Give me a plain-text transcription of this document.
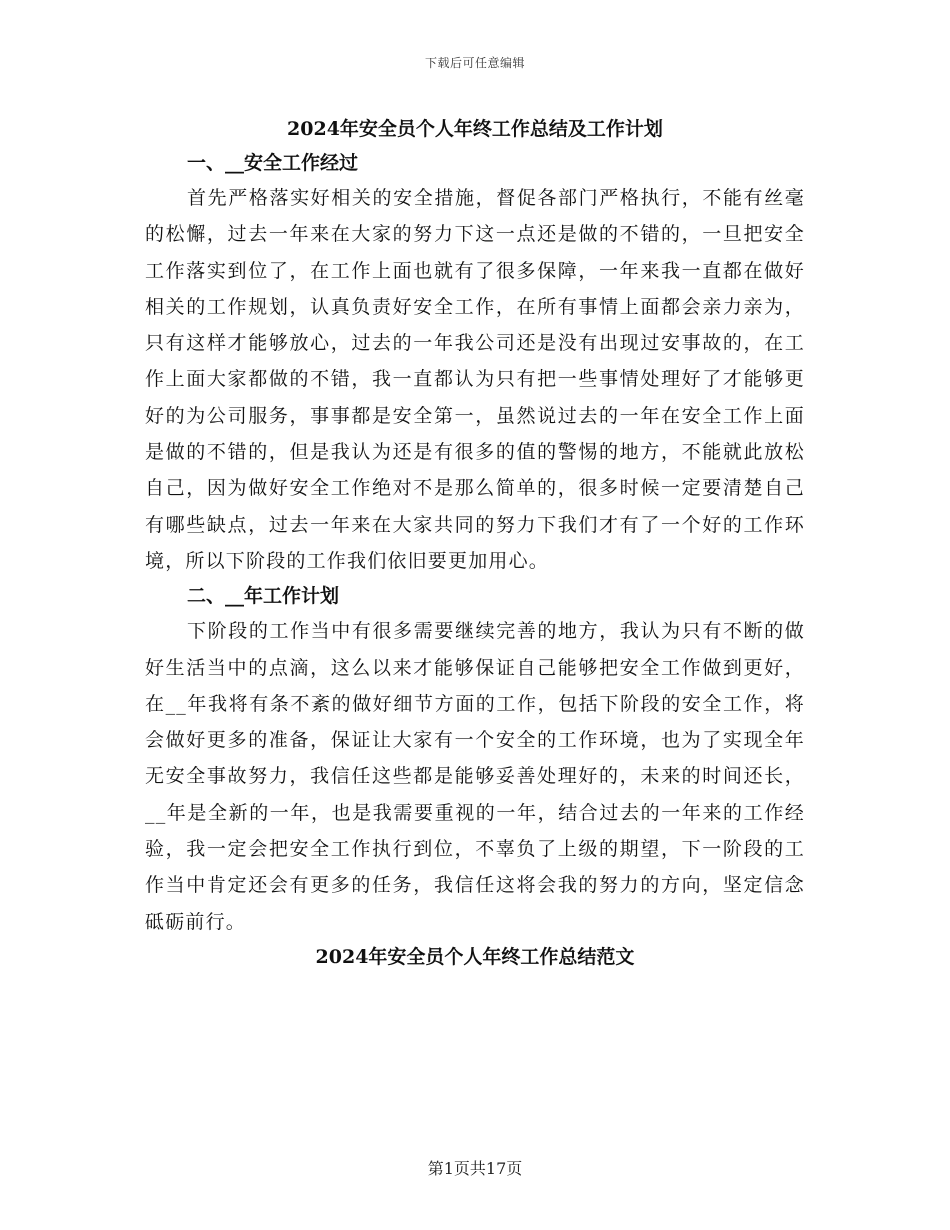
下载后可任意编辑
2024年安全员个人年终工作总结及工作计划
一、__安全工作经过

首先严格落实好相关的安全措施，督促各部门严格执行，不能有丝毫的松懈，过去一年来在大家的努力下这一点还是做的不错的，一旦把安全工作落实到位了，在工作上面也就有了很多保障，一年来我一直都在做好相关的工作规划，认真负责好安全工作，在所有事情上面都会亲力亲为，只有这样才能够放心，过去的一年我公司还是没有出现过安事故的，在工作上面大家都做的不错，我一直都认为只有把一些事情处理好了才能够更好的为公司服务，事事都是安全第一，虽然说过去的一年在安全工作上面是做的不错的，但是我认为还是有很多的值的警惕的地方，不能就此放松自己，因为做好安全工作绝对不是那么简单的，很多时候一定要清楚自己有哪些缺点，过去一年来在大家共同的努力下我们才有了一个好的工作环境，所以下阶段的工作我们依旧要更加用心。

二、__年工作计划

下阶段的工作当中有很多需要继续完善的地方，我认为只有不断的做好生活当中的点滴，这么以来才能够保证自己能够把安全工作做到更好，在__年我将有条不紊的做好细节方面的工作，包括下阶段的安全工作，将会做好更多的准备，保证让大家有一个安全的工作环境，也为了实现全年无安全事故努力，我信任这些都是能够妥善处理好的，未来的时间还长，__年是全新的一年，也是我需要重视的一年，结合过去的一年来的工作经验，我一定会把安全工作执行到位，不辜负了上级的期望，下一阶段的工作当中肯定还会有更多的任务，我信任这将会我的努力的方向，坚定信念砥砺前行。

2024年安全员个人年终工作总结范文
第1页共17页
